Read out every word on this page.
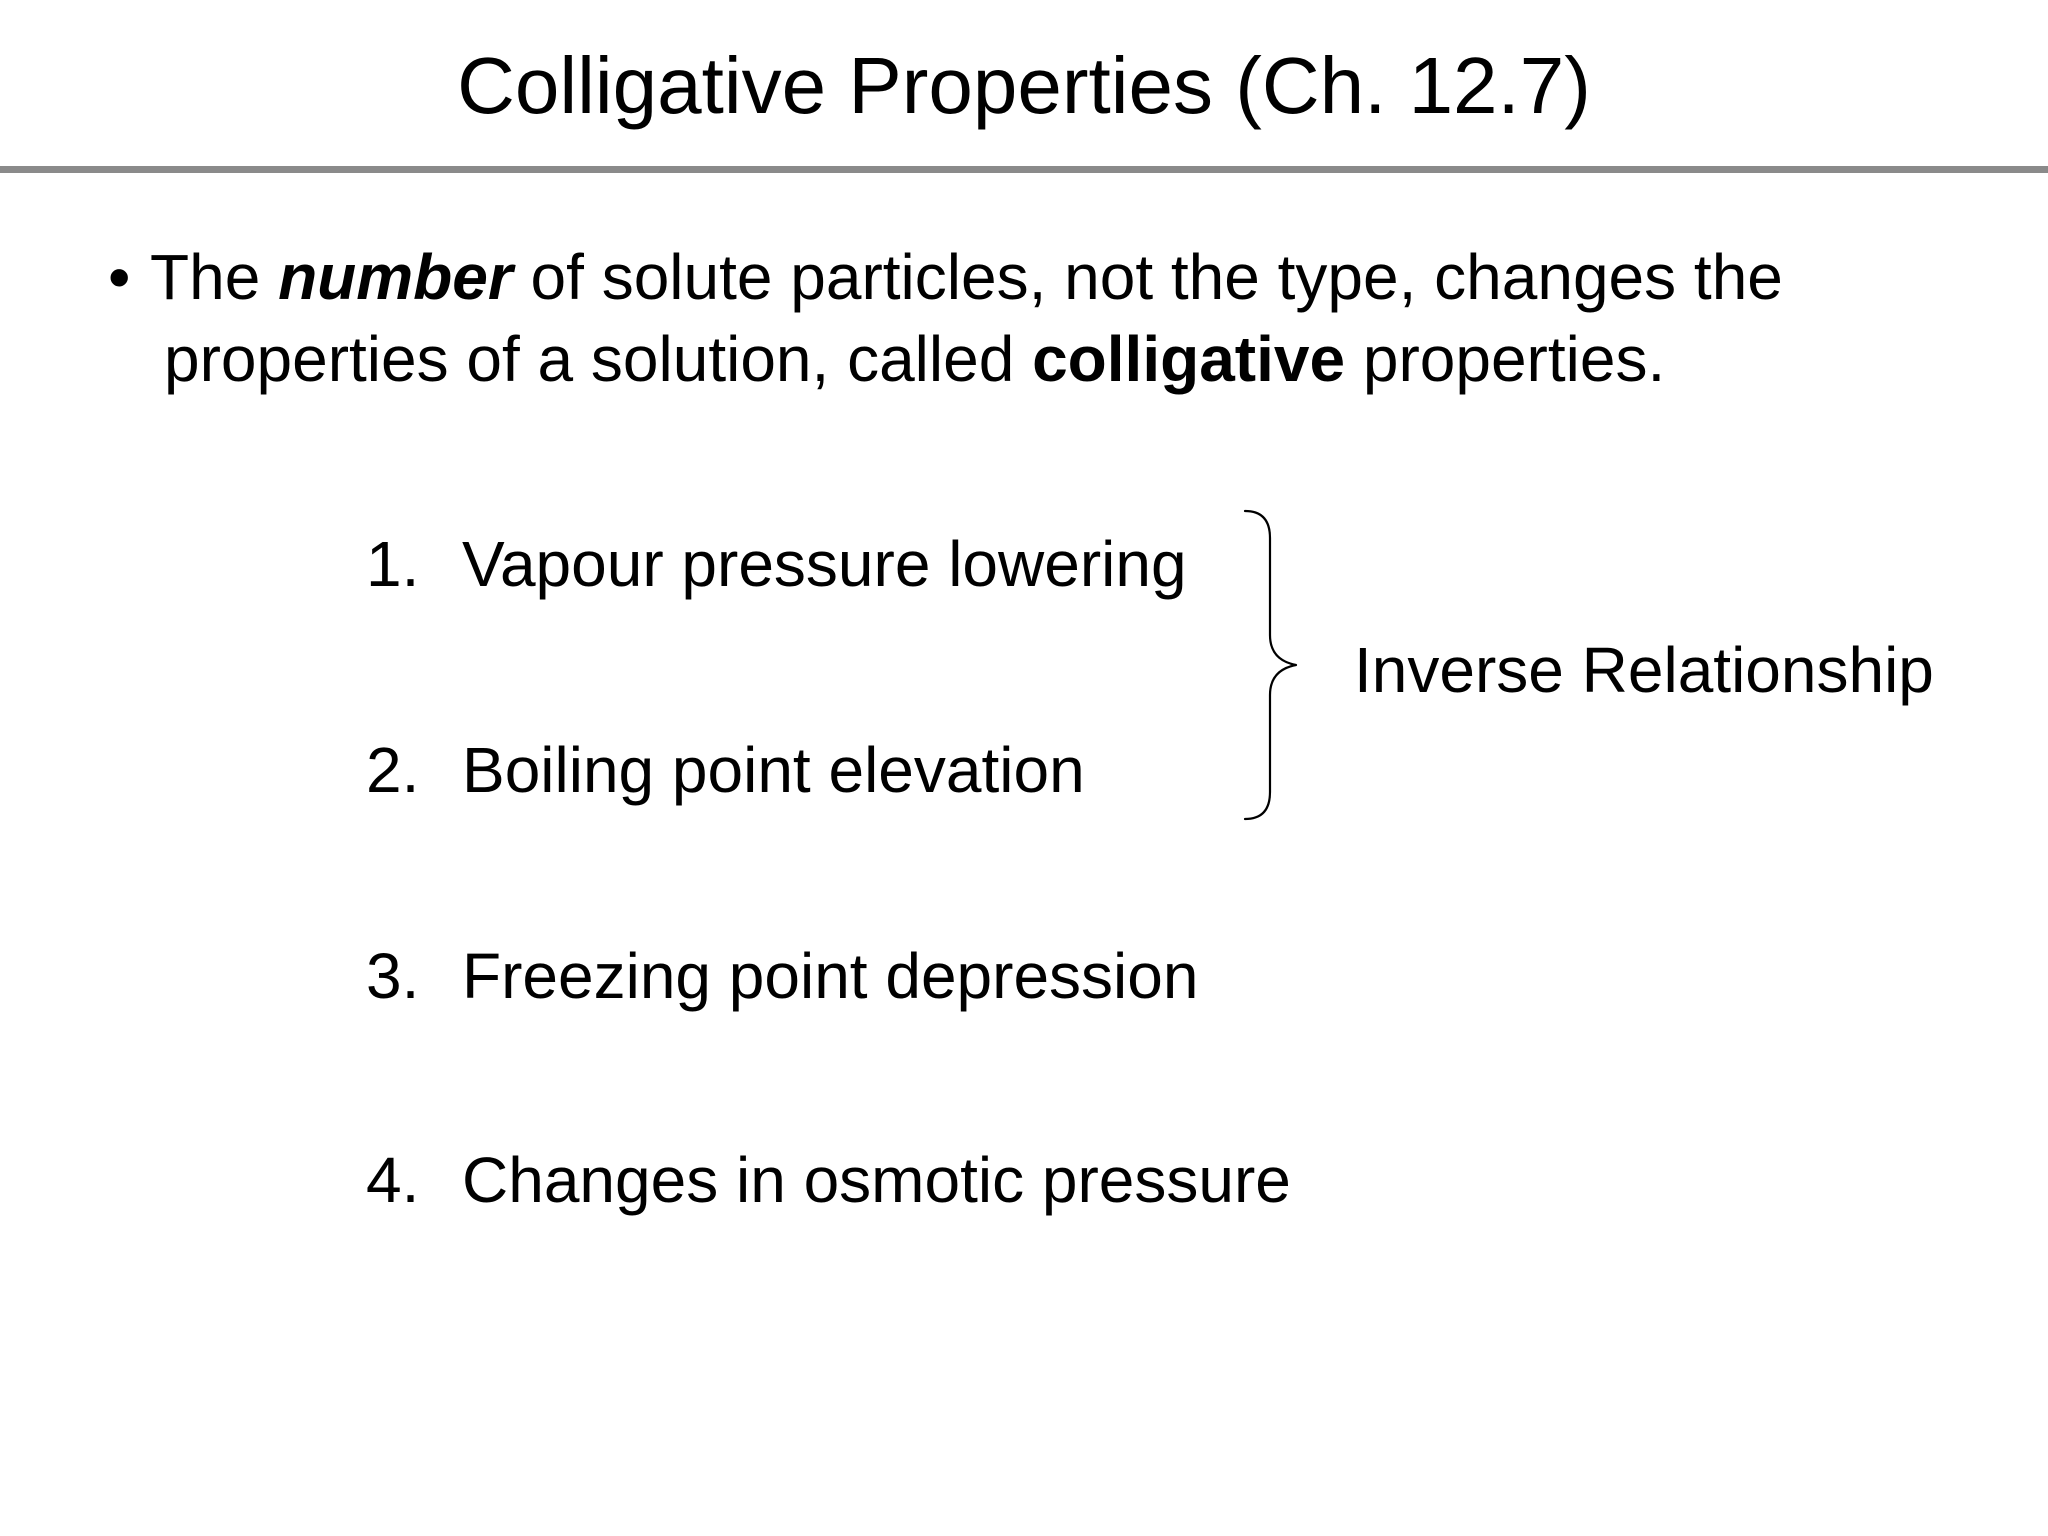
Colligative Properties (Ch. 12.7)
• The number of solute particles, not the type, changes the
properties of a solution, called colligative properties.
1. Vapour pressure lowering
2. Boiling point elevation
3. Freezing point depression
4. Changes in osmotic pressure
Inverse Relationship
